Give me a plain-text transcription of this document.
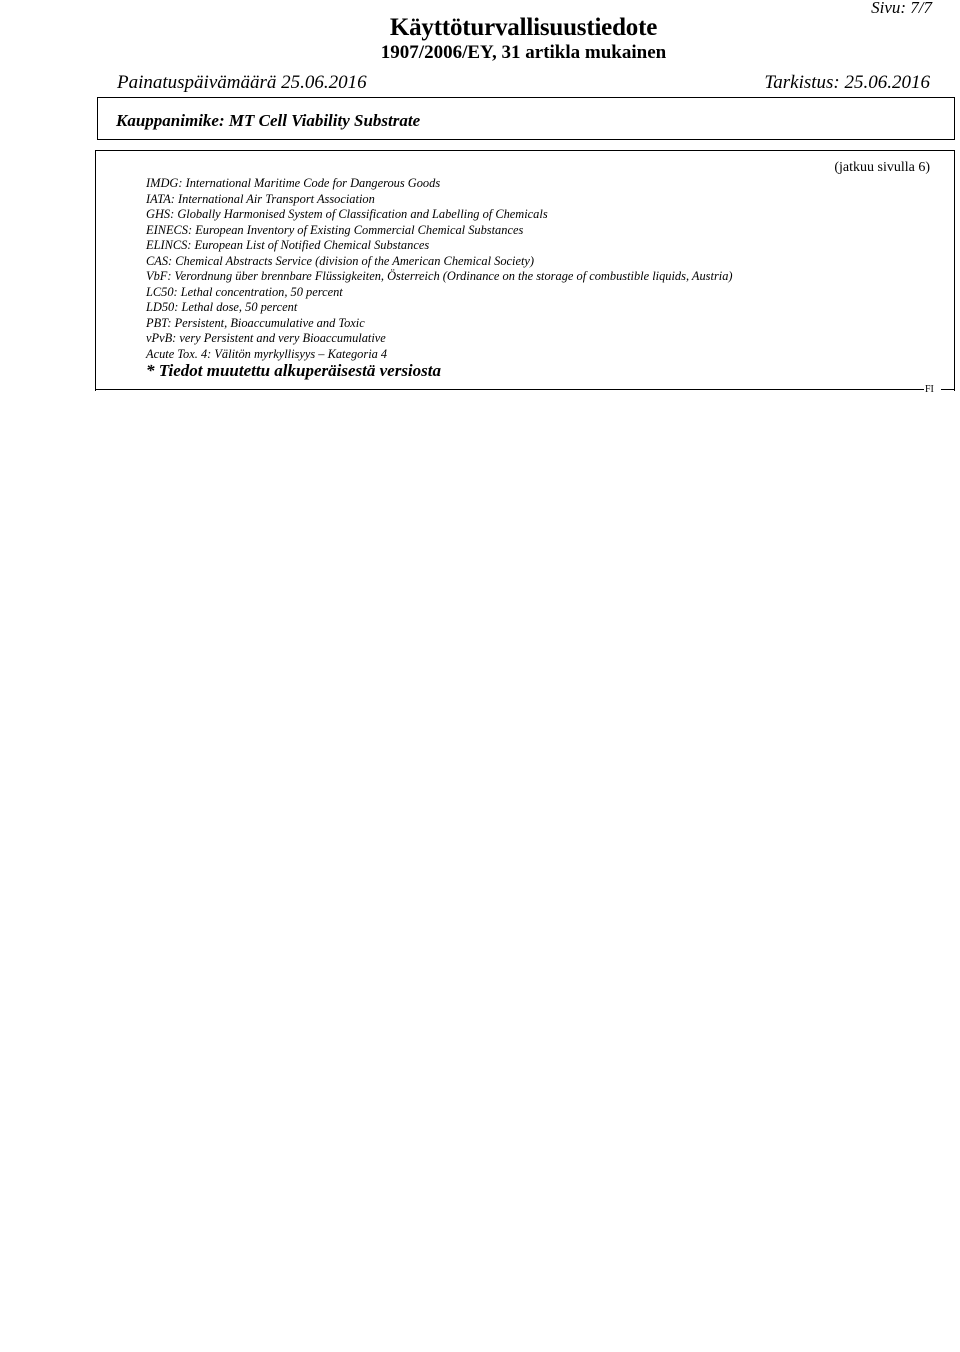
Sivu: 7/7
Käyttöturvallisuustiedote
1907/2006/EY, 31 artikla mukainen
Painatuspäivämäärä 25.06.2016	Tarkistus: 25.06.2016
Kauppanimike: MT Cell Viability Substrate
(jatkuu sivulla 6)
IMDG: International Maritime Code for Dangerous Goods
IATA: International Air Transport Association
GHS: Globally Harmonised System of Classification and Labelling of Chemicals
EINECS: European Inventory of Existing Commercial Chemical Substances
ELINCS: European List of Notified Chemical Substances
CAS: Chemical Abstracts Service (division of the American Chemical Society)
VbF: Verordnung über brennbare Flüssigkeiten, Österreich (Ordinance on the storage of combustible liquids, Austria)
LC50: Lethal concentration, 50 percent
LD50: Lethal dose, 50 percent
PBT: Persistent, Bioaccumulative and Toxic
vPvB: very Persistent and very Bioaccumulative
Acute Tox. 4: Välitön myrkyllisyys – Kategoria 4
* Tiedot muutettu alkuperäisestä versiosta
FI
